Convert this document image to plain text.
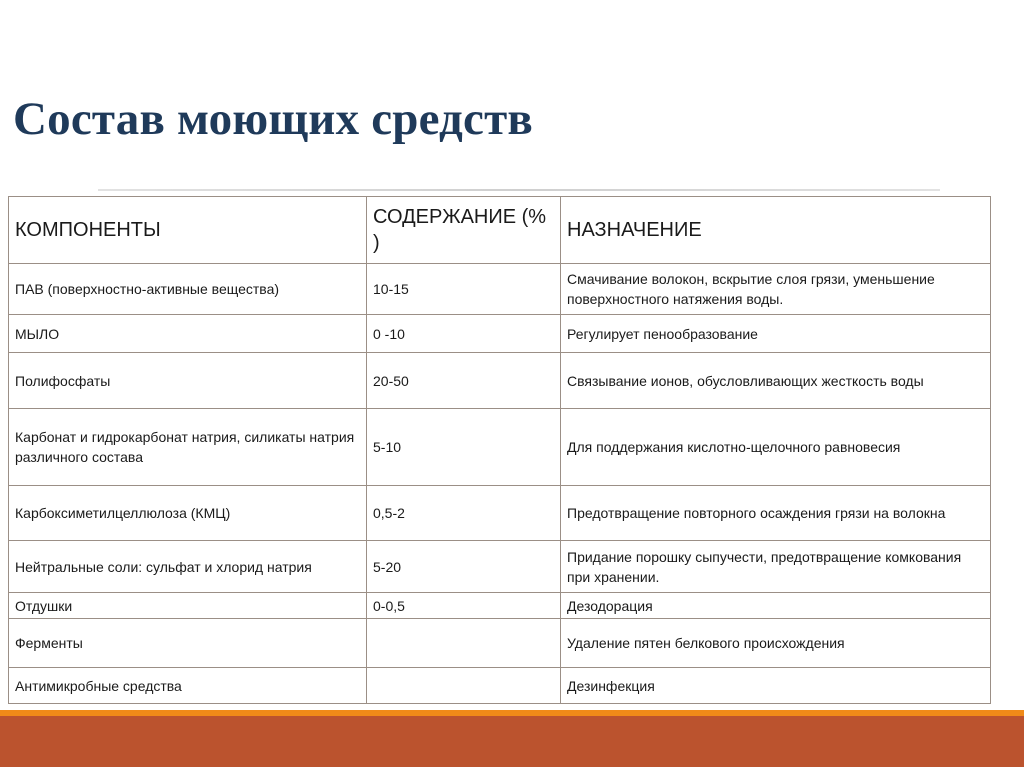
Состав моющих средств
КОМПОНЕНТЫ	СОДЕРЖАНИЕ (% )	НАЗНАЧЕНИЕ
ПАВ (поверхностно-активные вещества)	10-15	Смачивание волокон, вскрытие слоя грязи, уменьшение поверхностного натяжения воды.
МЫЛО	0 -10	Регулирует пенообразование
Полифосфаты	20-50	Связывание ионов, обусловливающих жесткость воды
Карбонат и гидрокарбонат натрия, силикаты натрия различного состава	5-10	Для поддержания кислотно-щелочного равновесия
Карбоксиметилцеллюлоза (КМЦ)	0,5-2	Предотвращение повторного осаждения грязи на волокна
Нейтральные соли: сульфат и хлорид натрия	5-20	Придание порошку сыпучести, предотвращение комкования при хранении.
Отдушки	0-0,5	Дезодорация
Ферменты		Удаление пятен белкового происхождения
Антимикробные средства		Дезинфекция
